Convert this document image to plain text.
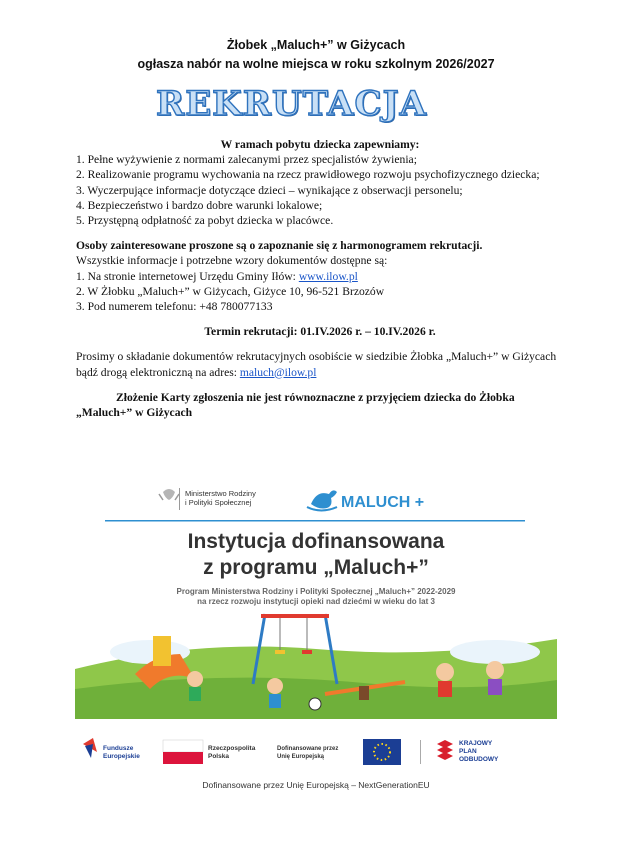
Żłobek „Maluch+” w Giżycach
ogłasza nabór na wolne miejsca w roku szkolnym 2026/2027
REKRUTACJA

W ramach pobytu dziecka zapewniamy:

1. Pełne wyżywienie z normami zalecanymi przez specjalistów żywienia;

2. Realizowanie programu wychowania na rzecz prawidłowego rozwoju psychofizycznego dziecka;

3. Wyczerpujące informacje dotyczące dzieci – wynikające z obserwacji personelu;

4. Bezpieczeństwo i bardzo dobre warunki lokalowe;

5. Przystępną odpłatność za pobyt dziecka w placówce.

Osoby zainteresowane proszone są o zapoznanie się z harmonogramem rekrutacji.

Wszystkie informacje i potrzebne wzory dokumentów dostępne są:

1. Na stronie internetowej Urzędu Gminy Iłów: www.ilow.pl

2. W Żłobku „Maluch+” w Giżycach, Giżyce 10, 96-521 Brzozów

3. Pod numerem telefonu: +48 780077133

Termin rekrutacji: 01.IV.2026 r. – 10.IV.2026 r.

Prosimy o składanie dokumentów rekrutacyjnych osobiście w siedzibie Żłobka „Maluch+” w Giżycach bądź drogą elektroniczną na adres: maluch@ilow.pl

Złożenie Karty zgłoszenia nie jest równoznaczne z przyjęciem dziecka do Żłobka „Maluch+” w Giżycach

Ministerstwo Rodziny
i Polityki Społecznej	MALUCH +
Instytucja dofinansowana
z programu „Maluch+”
Program Ministerstwa Rodziny i Polityki Społecznej „Maluch+” 2022-2029
na rzecz rozwoju instytucji opieki nad dziećmi w wieku do lat 3
Fundusze
Europejskie
Rzeczpospolita
Polska
Dofinansowane przez
Unię Europejską
KRAJOWY
PLAN
ODBUDOWY
Dofinansowane przez Unię Europejską – NextGenerationEU
